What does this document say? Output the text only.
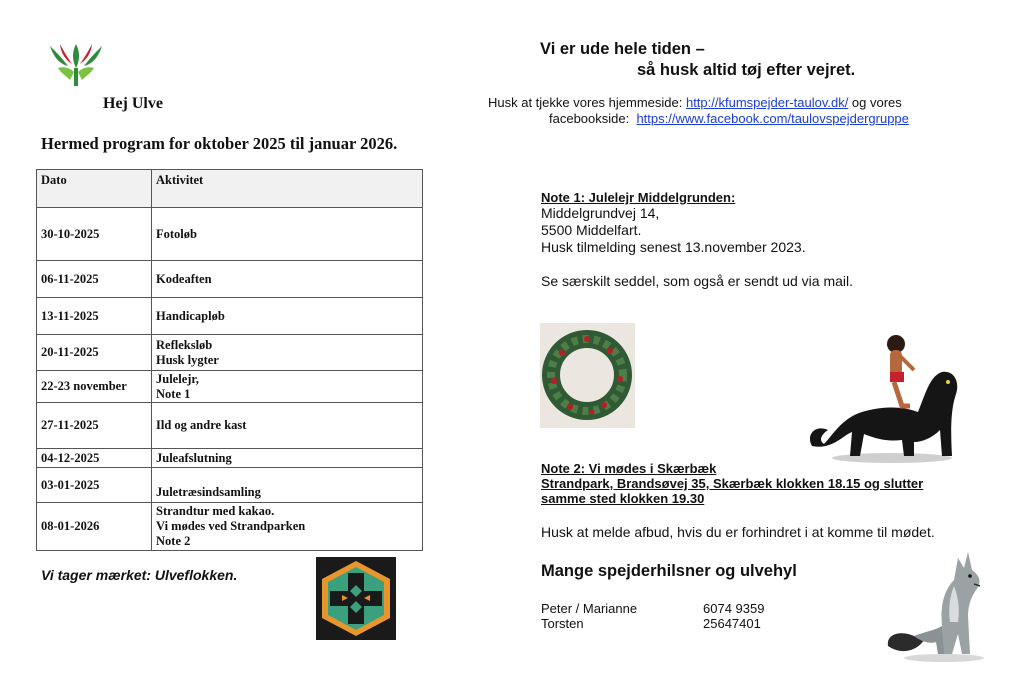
Hej Ulve
Hermed program for oktober 2025 til januar 2026.
Dato	Aktivitet
30-10-2025	Fotoløb

06-11-2025	Kodeaften

13-11-2025	Handicapløb

20-11-2025	Refleksløb
Husk lygter

22-23 november	Julelejr,
Note 1

27-11-2025	Ild og andre kast

04-12-2025	Juleafslutning

03-01-2025	Juletræsindsamling

08-01-2026	Strandtur med kakao.
Vi mødes ved Strandparken
Note 2
Vi tager mærket: Ulveflokken.
Vi er ude hele tiden –
så husk altid tøj efter vejret.
Husk at tjekke vores hjemmeside: http://kfumspejder-taulov.dk/ og vores
facebookside:  https://www.facebook.com/taulovspejdergruppe
Note 1: Julelejr Middelgrunden:
Middelgrundvej 14,
5500 Middelfart.
Husk tilmelding senest 13.november 2023.
Se særskilt seddel, som også er sendt ud via mail.
Note 2: Vi mødes i Skærbæk
Strandpark, Brandsøvej 35, Skærbæk klokken 18.15 og slutter
samme sted klokken 19.30
Husk at melde afbud, hvis du er forhindret i at komme til mødet.
Mange spejderhilsner og ulvehyl
Peter / Marianne	6074 9359
Torsten	25647401
